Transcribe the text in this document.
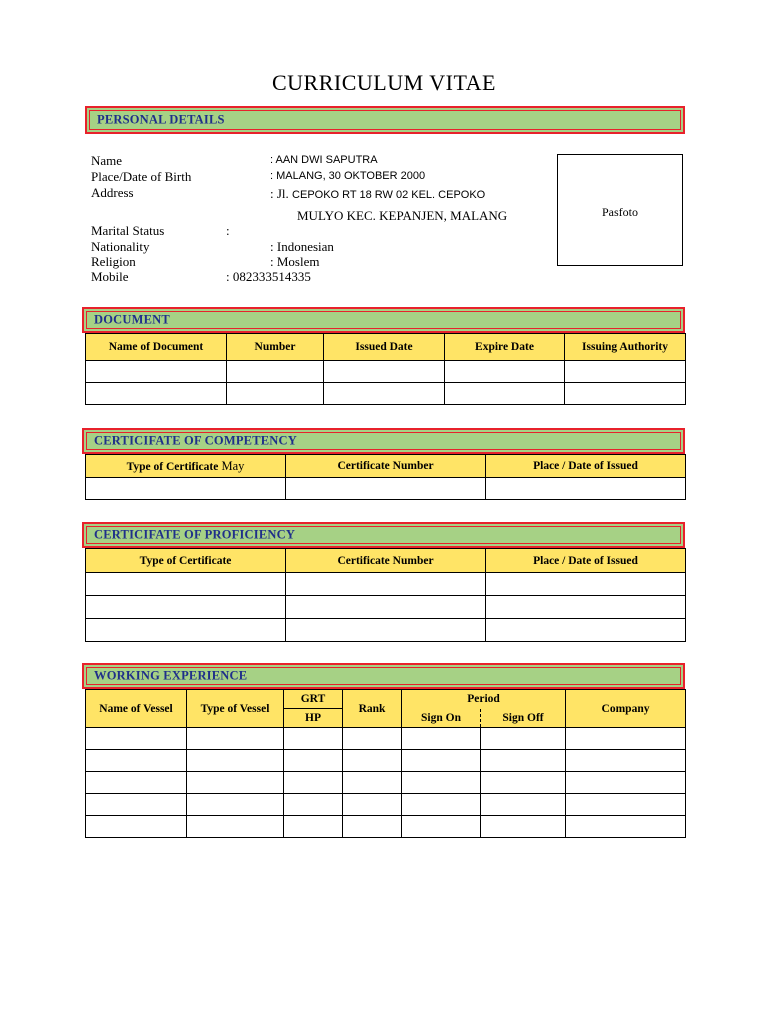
CURRICULUM VITAE
PERSONAL DETAILS
Name	: AAN DWI SAPUTRA
Place/Date of Birth	: MALANG, 30 OKTOBER 2000
Address	: Jl. CEPOKO RT 18 RW 02 KEL. CEPOKO
MULYO KEC. KEPANJEN, MALANG
Marital Status	:
Nationality	: Indonesian
Religion	: Moslem
Mobile	: 082333514335
Pasfoto
DOCUMENT
Name of Document	Number	Issued Date	Expire Date	Issuing Authority

CERTICIFATE OF COMPETENCY
Type of Certificate May	Certificate Number	Place / Date of Issued

CERTICIFATE OF PROFICIENCY
Type of Certificate	Certificate Number	Place / Date of Issued

WORKING EXPERIENCE
Name of Vessel	Type of Vessel	GRT	Rank	Period		Company
		HP		Sign On	Sign Off	
